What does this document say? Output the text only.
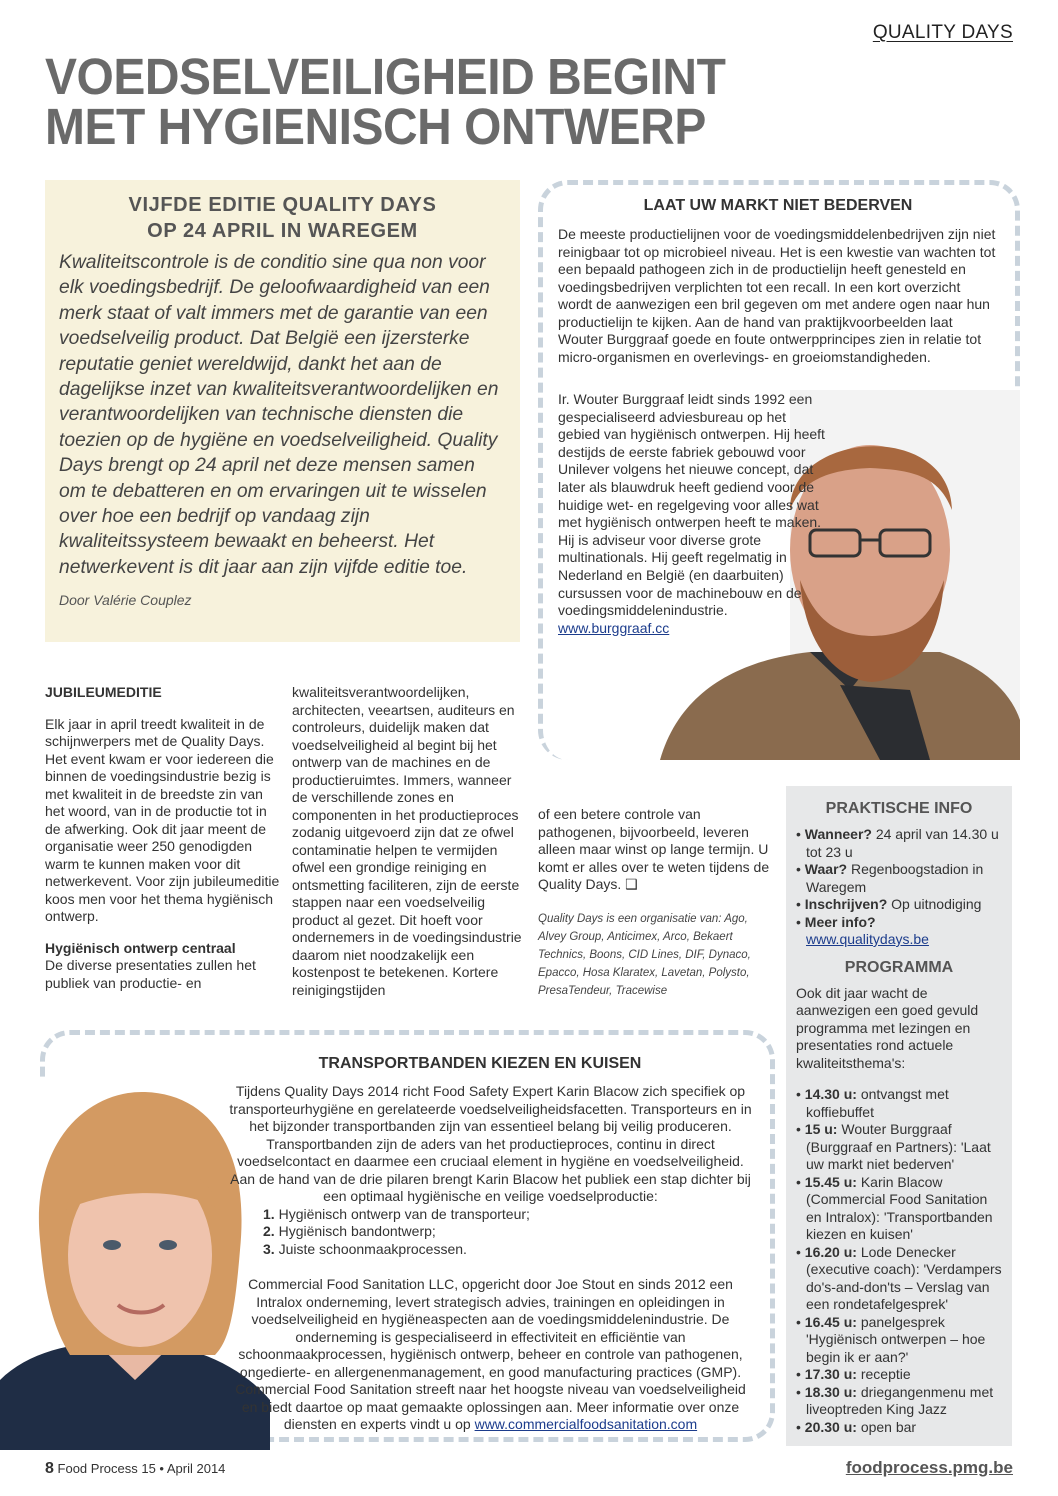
QUALITY DAYS
VOEDSELVEILIGHEID BEGINT
MET HYGIENISCH ONTWERP
VIJFDE EDITIE QUALITY DAYS
OP 24 APRIL IN WAREGEM

Kwaliteitscontrole is de conditio sine qua non voor elk voedingsbedrijf. De geloofwaardigheid van een merk staat of valt immers met de garantie van een voedselveilig product. Dat België een ijzersterke reputatie geniet wereldwijd, dankt het aan de dagelijkse inzet van kwaliteitsverantwoordelijken en verantwoordelijken van technische diensten die toezien op de hygiëne en voedselveiligheid. Quality Days brengt op 24 april net deze mensen samen om te debatteren en om ervaringen uit te wisselen over hoe een bedrijf op vandaag zijn kwaliteitssysteem bewaakt en beheerst. Het netwerkevent is dit jaar aan zijn vijfde editie toe.

Door Valérie Couplez

LAAT UW MARKT NIET BEDERVEN

De meeste productielijnen voor de voedingsmiddelenbedrijven zijn niet reinigbaar tot op microbieel niveau. Het is een kwestie van wachten tot een bepaald pathogeen zich in de productielijn heeft genesteld en voedingsbedrijven verplichten tot een recall. In een kort overzicht wordt de aanwezigen een bril gegeven om met andere ogen naar hun productielijn te kijken. Aan de hand van praktijkvoorbeelden laat Wouter Burggraaf goede en foute ontwerpprincipes zien in relatie tot micro-organismen en overlevings- en groeiomstandigheden.

Ir. Wouter Burggraaf leidt sinds 1992 een gespecialiseerd adviesbureau op het gebied van hygiënisch ontwerpen. Hij heeft destijds de eerste fabriek gebouwd voor Unilever volgens het nieuwe concept, dat later als blauwdruk heeft gediend voor de huidige wet- en regelgeving voor alles wat met hygiënisch ontwerpen heeft te maken. Hij is adviseur voor diverse grote multinationals. Hij geeft regelmatig in Nederland en België (en daarbuiten) cursussen voor de machinebouw en de voedingsmiddelenindustrie.
www.burggraaf.cc

JUBILEUMEDITIE

Elk jaar in april treedt kwaliteit in de schijnwerpers met de Quality Days. Het event kwam er voor iedereen die binnen de voedingsindustrie bezig is met kwaliteit in de breedste zin van het woord, van in de productie tot in de afwerking. Ook dit jaar meent de organisatie weer 250 genodigden warm te kunnen maken voor dit netwerkevent. Voor zijn jubileumeditie koos men voor het thema hygiënisch ontwerp.

Hygiënisch ontwerp centraal

De diverse presentaties zullen het publiek van productie- en

kwaliteitsverantwoordelijken, architecten, veeartsen, auditeurs en controleurs, duidelijk maken dat voedselveiligheid al begint bij het ontwerp van de machines en de productieruimtes. Immers, wanneer de verschillende zones en componenten in het productieproces zodanig uitgevoerd zijn dat ze ofwel contaminatie helpen te vermijden ofwel een grondige reiniging en ontsmetting faciliteren, zijn de eerste stappen naar een voedselveilig product al gezet. Dit hoeft voor ondernemers in de voedingsindustrie daarom niet noodzakelijk een kostenpost te betekenen. Kortere reinigingstijden

of een betere controle van pathogenen, bijvoorbeeld, leveren alleen maar winst op lange termijn. U komt er alles over te weten tijdens de Quality Days. ❑

Quality Days is een organisatie van: Ago, Alvey Group, Anticimex, Arco, Bekaert Technics, Boons, CID Lines, DIF, Dynaco, Epacco, Hosa Klaratex, Lavetan, Polysto, PresaTendeur, Tracewise

PRAKTISCHE INFO
• Wanneer? 24 april van 14.30 u tot 23 u
• Waar? Regenboogstadion in Waregem
• Inschrijven? Op uitnodiging
• Meer info? www.qualitydays.be
PROGRAMMA

Ook dit jaar wacht de aanwezigen een goed gevuld programma met lezingen en presentaties rond actuele kwaliteitsthema's:

• 14.30 u: ontvangst met koffiebuffet
• 15 u: Wouter Burggraaf (Burggraaf en Partners): 'Laat uw markt niet bederven'
• 15.45 u: Karin Blacow (Commercial Food Sanitation en Intralox): 'Transportbanden kiezen en kuisen'
• 16.20 u: Lode Denecker (executive coach): 'Verdampers do's-and-don'ts – Verslag van een rondetafelgesprek'
• 16.45 u: panelgesprek 'Hygiënisch ontwerpen – hoe begin ik er aan?'
• 17.30 u: receptie
• 18.30 u: driegangenmenu met liveoptreden King Jazz
• 20.30 u: open bar
TRANSPORTBANDEN KIEZEN EN KUISEN

Tijdens Quality Days 2014 richt Food Safety Expert Karin Blacow zich specifiek op transporteurhygiëne en gerelateerde voedselveiligheidsfacetten. Transporteurs en in het bijzonder transportbanden zijn van essentieel belang bij veilig produceren. Transportbanden zijn de aders van het productieproces, continu in direct voedselcontact en daarmee een cruciaal element in hygiëne en voedselveiligheid. Aan de hand van de drie pilaren brengt Karin Blacow het publiek een stap dichter bij een optimaal hygiënische en veilige voedselproductie:

1. Hygiënisch ontwerp van de transporteur;
2. Hygiënisch bandontwerp;
3. Juiste schoonmaakprocessen.

Commercial Food Sanitation LLC, opgericht door Joe Stout en sinds 2012 een Intralox onderneming, levert strategisch advies, trainingen en opleidingen in voedselveiligheid en hygiëneaspecten aan de voedingsmiddelenindustrie. De onderneming is gespecialiseerd in effectiviteit en efficiëntie van schoonmaakprocessen, hygiënisch ontwerp, beheer en controle van pathogenen, ongedierte- en allergenenmanagement, en good manufacturing practices (GMP). Commercial Food Sanitation streeft naar het hoogste niveau van voedselveiligheid en biedt daartoe op maat gemaakte oplossingen aan. Meer informatie over onze diensten en experts vindt u op www.commercialfoodsanitation.com

8 Food Process 15 • April 2014	foodprocess.pmg.be
